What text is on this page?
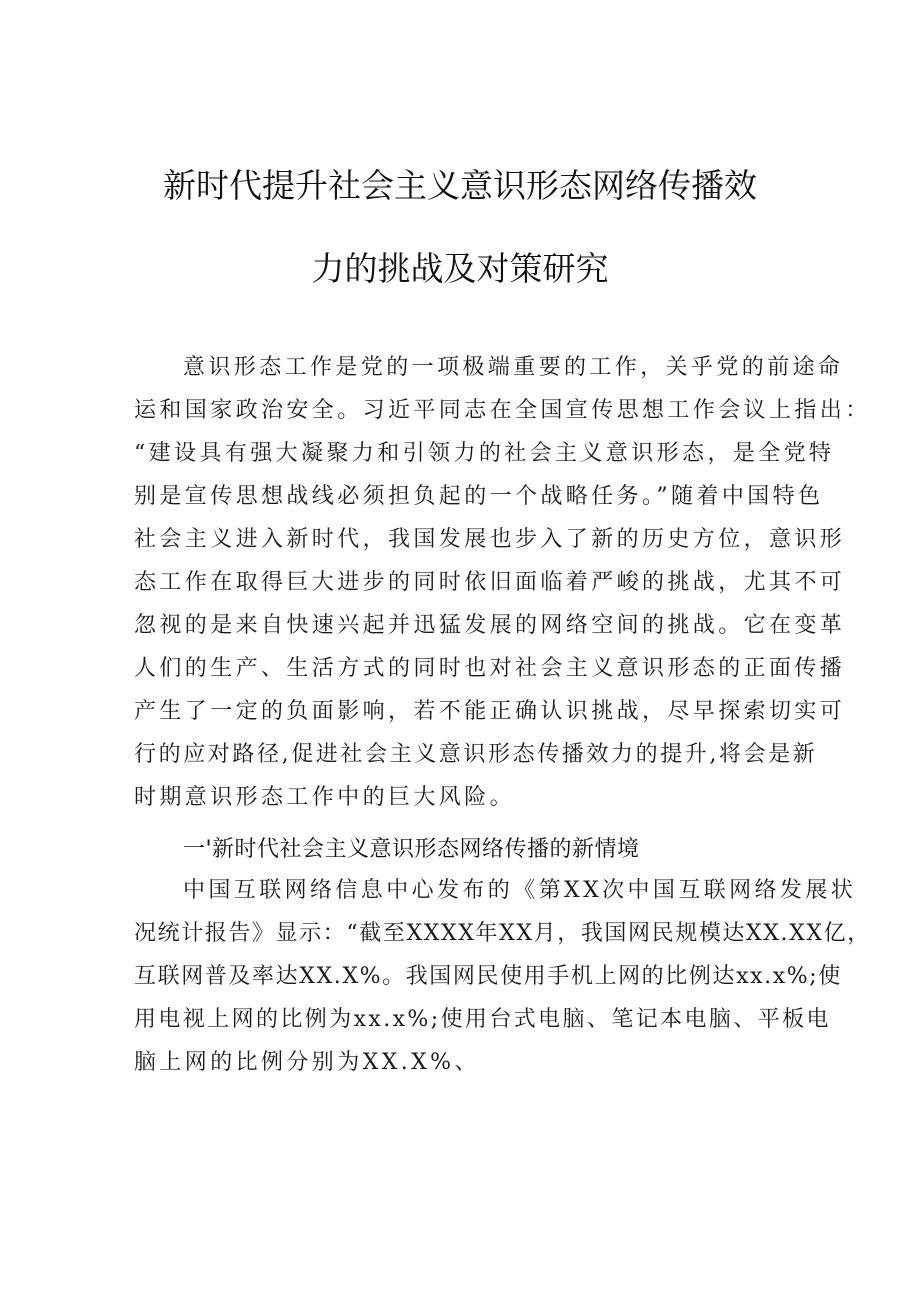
新时代提升社会主义意识形态网络传播效
力的挑战及对策研究
意识形态工作是党的一项极端重要的工作，关乎党的前途命
运和国家政治安全。习近平同志在全国宣传思想工作会议上指出：
“建设具有强大凝聚力和引领力的社会主义意识形态，是全党特
别是宣传思想战线必须担负起的一个战略任务。”随着中国特色
社会主义进入新时代，我国发展也步入了新的历史方位，意识形
态工作在取得巨大进步的同时依旧面临着严峻的挑战，尤其不可
忽视的是来自快速兴起并迅猛发展的网络空间的挑战。它在变革
人们的生产、生活方式的同时也对社会主义意识形态的正面传播
产生了一定的负面影响，若不能正确认识挑战，尽早探索切实可
行的应对路径,促进社会主义意识形态传播效力的提升,将会是新
时期意识形态工作中的巨大风险。
一'新时代社会主义意识形态网络传播的新情境
中国互联网络信息中心发布的《第XX次中国互联网络发展状
况统计报告》显示：“截至XXXX年XX月，我国网民规模达XX.XX亿，
互联网普及率达XX.X%。我国网民使用手机上网的比例达xx.x%;使
用电视上网的比例为xx.x%;使用台式电脑、笔记本电脑、平板电
脑上网的比例分别为XX.X%、
